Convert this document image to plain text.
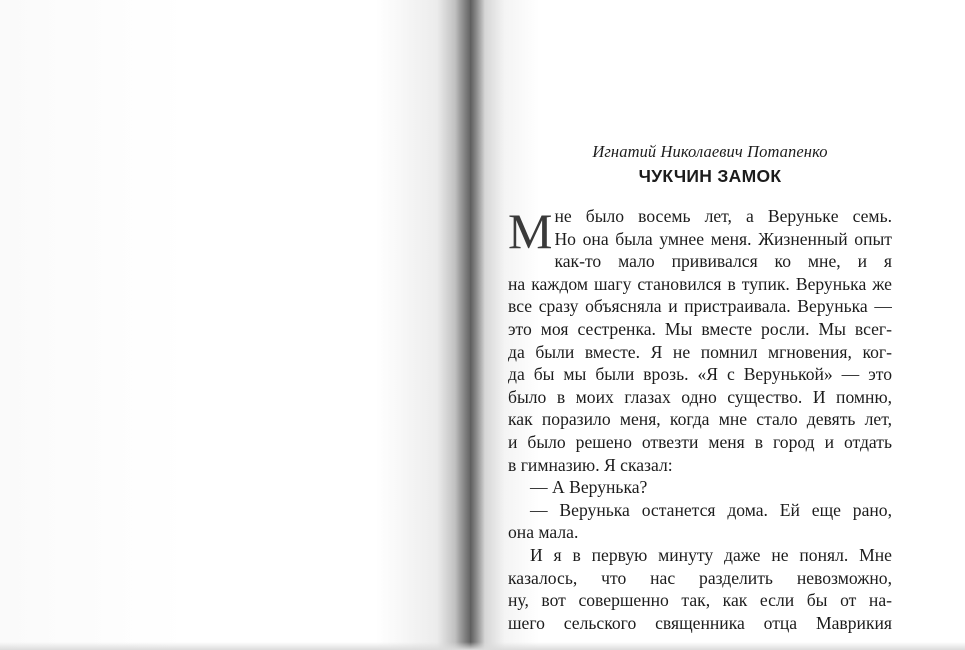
Игнатий Николаевич Потапенко
ЧУКЧИН ЗАМОК
М не было восемь лет, а Верунькe семь.
Но она была умнее меня. Жизненный опыт
как-то мало прививался ко мне, и я
на каждом шагу становился в тупик. Верунька же
все сразу объясняла и пристраивала. Верунька —
это моя сестренка. Мы вместе росли. Мы всег-
да были вместе. Я не помнил мгновения, ког-
да бы мы были врозь. «Я с Верунькой» — это
было в моих глазах одно существо. И помню,
как поразило меня, когда мне стало девять лет,
и было решено отвезти меня в город и отдать
в гимназию. Я сказал:
— А Верунька?
— Верунька останется дома. Ей еще рано,
она мала.
И я в первую минуту даже не понял. Мне
казалось, что нас разделить невозможно,
ну, вот совершенно так, как если бы от на-
шего сельского священника отца Маврикия
